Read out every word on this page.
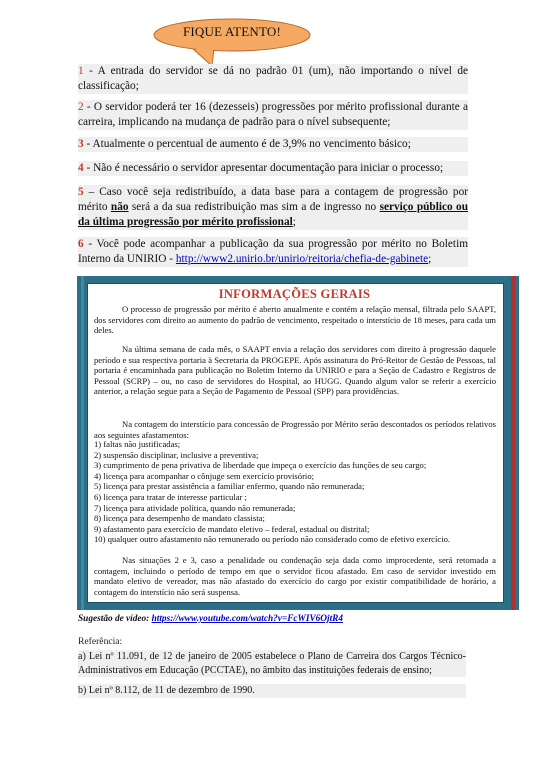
FIQUE ATENTO!
1 - A entrada do servidor se dá no padrão 01 (um), não importando o nível de classificação;
2 - O servidor poderá ter 16 (dezesseis) progressões por mérito profissional durante a carreira, implicando na mudança de padrão para o nível subsequente;
3 - Atualmente o percentual de aumento é de 3,9% no vencimento básico;
4 - Não é necessário o servidor apresentar documentação para iniciar o processo;
5 – Caso você seja redistribuído, a data base para a contagem de progressão por mérito não será a da sua redistribuição mas sim a de ingresso no serviço público ou da última progressão por mérito profissional;
6 - Você pode acompanhar a publicação da sua progressão por mérito no Boletim Interno da UNIRIO - http://www2.unirio.br/unirio/reitoria/chefia-de-gabinete;
INFORMAÇÕES GERAIS

O processo de progressão por mérito é aberto anualmente e contém a relação mensal, filtrada pelo SAAPT, dos servidores com direito ao aumento do padrão de vencimento, respeitado o interstício de 18 meses, para cada um deles.

Na última semana de cada mês, o SAAPT envia a relação dos servidores com direito à progressão daquele período e sua respectiva portaria à Secretaria da PROGEPE. Após assinatura do Pró-Reitor de Gestão de Pessoas, tal portaria é encaminhada para publicação no Boletim Interno da UNIRIO e para a Seção de Cadastro e Registros de Pessoal (SCRP) – ou, no caso de servidores do Hospital, ao HUGG. Quando algum valor se referir a exercício anterior, a relação segue para a Seção de Pagamento de Pessoal (SPP) para providências.

Na contagem do interstício para concessão de Progressão por Mérito serão descontados os períodos relativos aos seguintes afastamentos:

1) faltas não justificadas;
2) suspensão disciplinar, inclusive a preventiva;
3) cumprimento de pena privativa de liberdade que impeça o exercício das funções de seu cargo;
4) licença para acompanhar o cônjuge sem exercício provisório;
5) licença para prestar assistência a familiar enfermo, quando não remunerada;
6) licença para tratar de interesse particular ;
7) licença para atividade política, quando não remunerada;
8) licença para desempenho de mandato classista;
9) afastamento para exercício de mandato eletivo – federal, estadual ou distrital;
10) qualquer outro afastamento não remunerado ou período não considerado como de efetivo exercício.

Nas situações 2 e 3, caso a penalidade ou condenação seja dada como improcedente, será retomada a contagem, incluindo o período de tempo em que o servidor ficou afastado. Em caso de servidor investido em mandato eletivo de vereador, mas não afastado do exercício do cargo por existir compatibilidade de horário, a contagem do interstício não será suspensa.

Sugestão de vídeo: https://www.youtube.com/watch?v=FcWIV6OjtR4
Referência:
a) Lei nº 11.091, de 12 de janeiro de 2005 estabelece o Plano de Carreira dos Cargos Técnico-Administrativos em Educação (PCCTAE), no âmbito das instituições federais de ensino;
b) Lei nº 8.112, de 11 de dezembro de 1990.
